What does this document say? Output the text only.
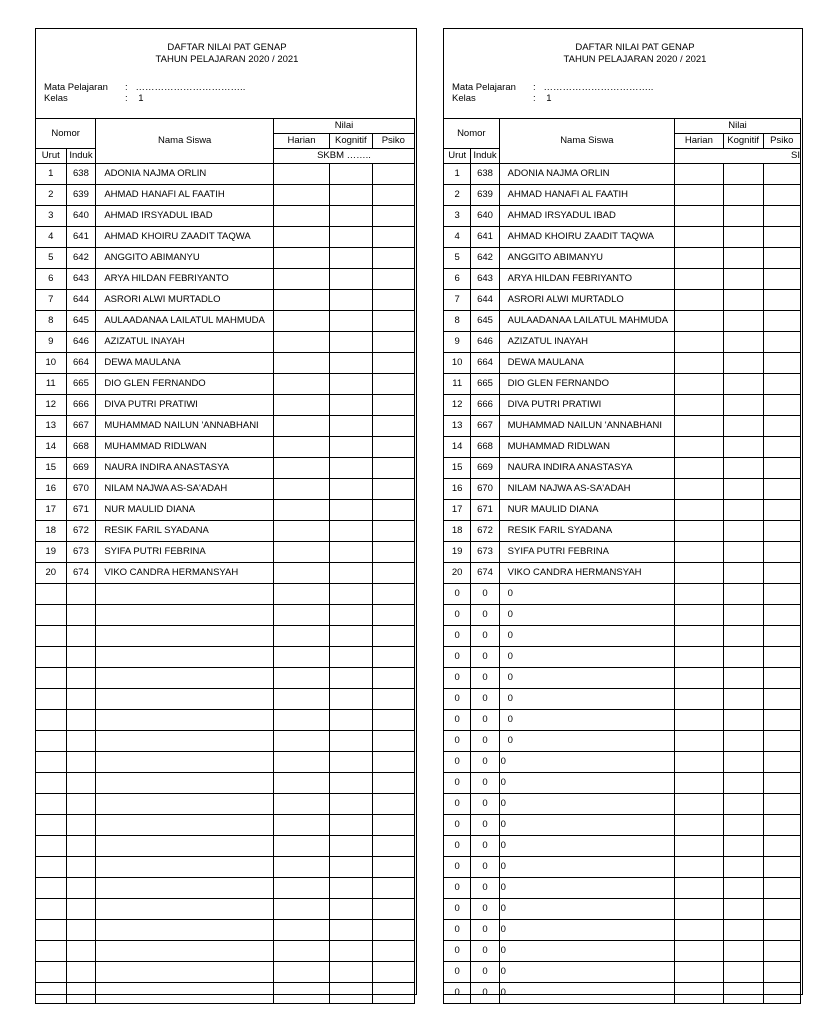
DAFTAR NILAI PAT GENAP
TAHUN PELAJARAN 2020 / 2021
Mata Pelajaran :   ……………………………..
Kelas	:    1
Nomor		Nama Siswa	Nilai		
			Harian	Kognitif	Psiko
Urut	Induk		SKBM ……..		
1	638	ADONIA NAJMA ORLIN			
2	639	AHMAD HANAFI AL FAATIH			
3	640	AHMAD IRSYADUL IBAD			
4	641	AHMAD KHOIRU ZAADIT TAQWA			
5	642	ANGGITO ABIMANYU			
6	643	ARYA HILDAN FEBRIYANTO			
7	644	ASRORI ALWI MURTADLO			
8	645	AULAADANAA LAILATUL MAHMUDA			
9	646	AZIZATUL INAYAH			
10	664	DEWA MAULANA			
11	665	DIO GLEN FERNANDO			
12	666	DIVA PUTRI PRATIWI			
13	667	MUHAMMAD NAILUN 'ANNABHANI			
14	668	MUHAMMAD RIDLWAN			
15	669	NAURA INDIRA ANASTASYA			
16	670	NILAM NAJWA AS-SA'ADAH			
17	671	NUR MAULID DIANA			
18	672	RESIK FARIL SYADANA			
19	673	SYIFA PUTRI FEBRINA			
20	674	VIKO CANDRA HERMANSYAH			

DAFTAR NILAI PAT GENAP
TAHUN PELAJARAN 2020 / 2021
Mata Pelajaran :   ……………………………..
Kelas	:    1
Nomor		Nama Siswa	Nilai		
			Harian	Kognitif	Psiko
Urut	Induk		SI		
1	638	ADONIA NAJMA ORLIN			
2	639	AHMAD HANAFI AL FAATIH			
3	640	AHMAD IRSYADUL IBAD			
4	641	AHMAD KHOIRU ZAADIT TAQWA			
5	642	ANGGITO ABIMANYU			
6	643	ARYA HILDAN FEBRIYANTO			
7	644	ASRORI ALWI MURTADLO			
8	645	AULAADANAA LAILATUL MAHMUDA			
9	646	AZIZATUL INAYAH			
10	664	DEWA MAULANA			
11	665	DIO GLEN FERNANDO			
12	666	DIVA PUTRI PRATIWI			
13	667	MUHAMMAD NAILUN 'ANNABHANI			
14	668	MUHAMMAD RIDLWAN			
15	669	NAURA INDIRA ANASTASYA			
16	670	NILAM NAJWA AS-SA'ADAH			
17	671	NUR MAULID DIANA			
18	672	RESIK FARIL SYADANA			
19	673	SYIFA PUTRI FEBRINA			
20	674	VIKO CANDRA HERMANSYAH			
0	0	0			
0	0	0			
0	0	0			
0	0	0			
0	0	0			
0	0	0			
0	0	0			
0	0	0			
0	0	0			
0	0	0			
0	0	0			
0	0	0			
0	0	0			
0	0	0			
0	0	0			
0	0	0			
0	0	0			
0	0	0			
0	0	0			
0	0	0			
